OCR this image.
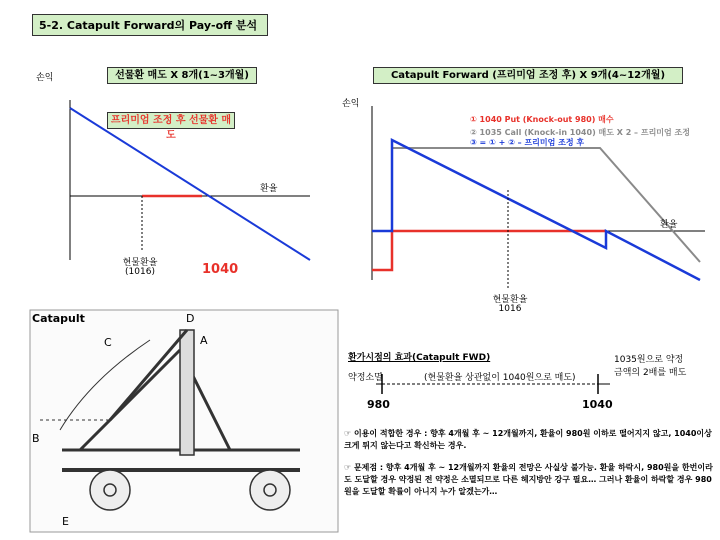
5-2. Catapult Forward의 Pay-off 분석
손익	선물환 매도 X 8개(1~3개월)
프리미엄 조정 후 선물환 매도
환율
현물환율
(1016)	1040
Catapult Forward (프리미엄 조정 후) X 9개(4~12개월)
손익
① 1040 Put (Knock-out 980) 매수
② 1035 Call (Knock-in 1040) 매도 X 2 – 프리미엄 조정
③ = ① + ② – 프리미엄 조정 후
환율
현물환율
1016
Catapult	D
C	A
B
E
환가시점의 효과(Catapult FWD)
약정소멸	(현물환율 상관없이 1040원으로 매도)
1035원으로 약정
금액의 2배를 매도
980	1040
☞ 이용이 적합한 경우 : 향후 4개월 후 ~ 12개월까지, 환율이 980원 이하로 떨어지지 않고, 1040이상 크게 튀지 않는다고 확신하는 경우.
☞ 문제점 : 향후 4개월 후 ~ 12개월까지 환율의 전망은 사실상 불가능. 환율 하락시, 980원을 한번이라도 도달할 경우 약정된 전 약정은 소멸되므로 다른 헤지방안 강구 필요… 그러나 환율이 하락할 경우 980원을 도달할 확률이 아니지 누가 알겠는가…
